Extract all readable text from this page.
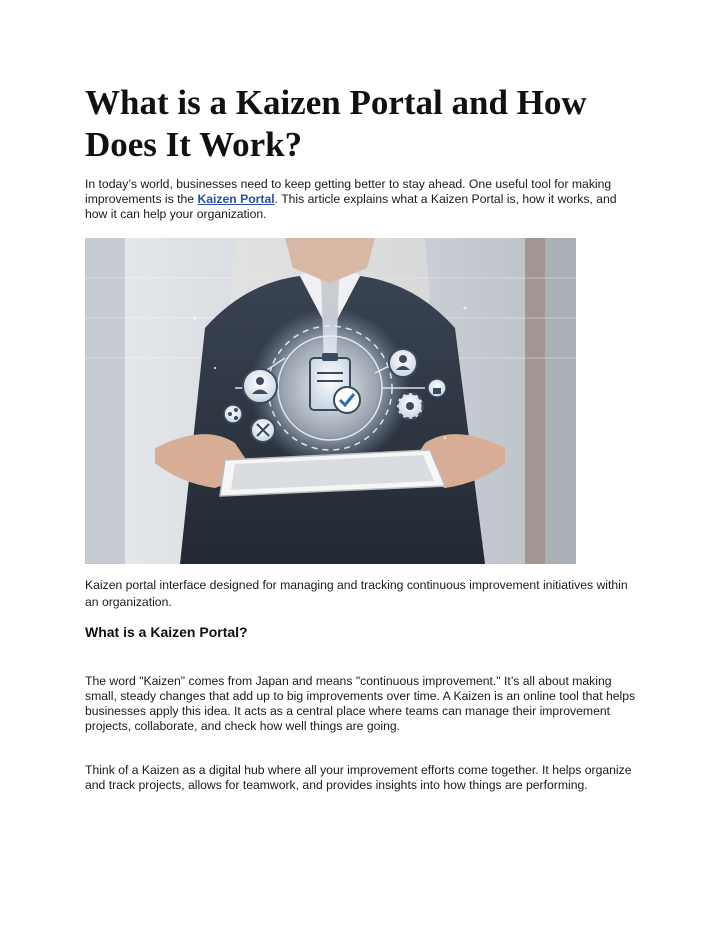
What is a Kaizen Portal and How Does It Work?

In today’s world, businesses need to keep getting better to stay ahead. One useful tool for making improvements is the Kaizen Portal. This article explains what a Kaizen Portal is, how it works, and how it can help your organization.

Kaizen portal interface designed for managing and tracking continuous improvement initiatives within an organization.

What is a Kaizen Portal?

The word "Kaizen" comes from Japan and means "continuous improvement." It’s all about making small, steady changes that add up to big improvements over time. A Kaizen is an online tool that helps businesses apply this idea. It acts as a central place where teams can manage their improvement projects, collaborate, and check how well things are going.

Think of a Kaizen as a digital hub where all your improvement efforts come together. It helps organize and track projects, allows for teamwork, and provides insights into how things are performing.
